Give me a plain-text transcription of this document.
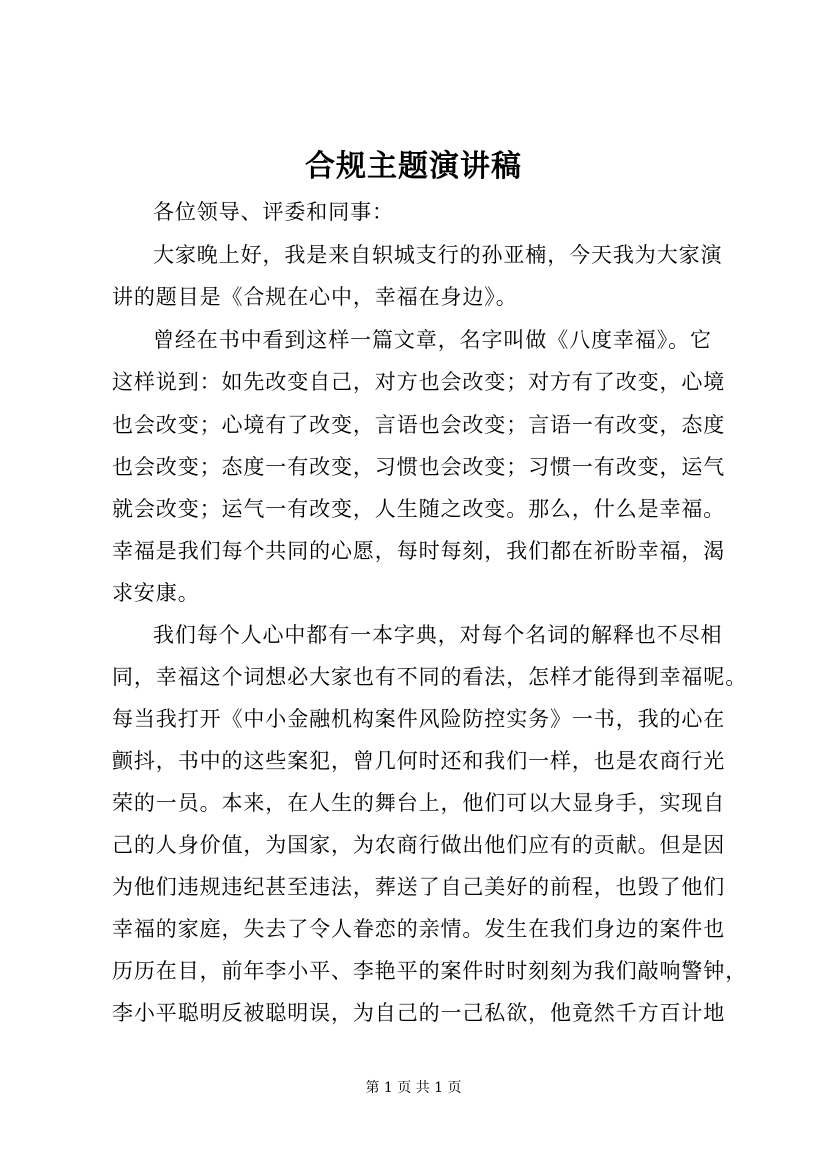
合规主题演讲稿
各位领导、评委和同事：
大家晚上好，我是来自轵城支行的孙亚楠，今天我为大家演
讲的题目是《合规在心中，幸福在身边》。
曾经在书中看到这样一篇文章，名字叫做《八度幸福》。它
这样说到：如先改变自己，对方也会改变；对方有了改变，心境
也会改变；心境有了改变，言语也会改变；言语一有改变，态度
也会改变；态度一有改变，习惯也会改变；习惯一有改变，运气
就会改变；运气一有改变，人生随之改变。那么，什么是幸福。
幸福是我们每个共同的心愿，每时每刻，我们都在祈盼幸福，渴
求安康。
我们每个人心中都有一本字典，对每个名词的解释也不尽相
同，幸福这个词想必大家也有不同的看法，怎样才能得到幸福呢。
每当我打开《中小金融机构案件风险防控实务》一书，我的心在
颤抖，书中的这些案犯，曾几何时还和我们一样，也是农商行光
荣的一员。本来，在人生的舞台上，他们可以大显身手，实现自
己的人身价值，为国家，为农商行做出他们应有的贡献。但是因
为他们违规违纪甚至违法，葬送了自己美好的前程，也毁了他们
幸福的家庭，失去了令人眷恋的亲情。发生在我们身边的案件也
历历在目，前年李小平、李艳平的案件时时刻刻为我们敲响警钟，
李小平聪明反被聪明误，为自己的一己私欲，他竟然千方百计地
第 1 页 共 1 页
